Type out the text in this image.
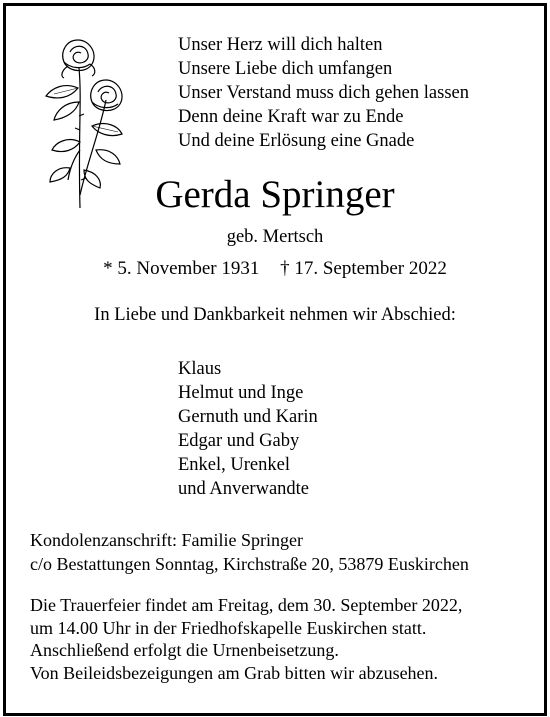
Unser Herz will dich halten
Unsere Liebe dich umfangen
Unser Verstand muss dich gehen lassen
Denn deine Kraft war zu Ende
Und deine Erlösung eine Gnade
Gerda Springer
geb. Mertsch
* 5. November 1931 † 17. September 2022
In Liebe und Dankbarkeit nehmen wir Abschied:
Klaus
Helmut und Inge
Gernuth und Karin
Edgar und Gaby
Enkel, Urenkel
und Anverwandte
Kondolenzanschrift: Familie Springer
c/o Bestattungen Sonntag, Kirchstraße 20, 53879 Euskirchen
Die Trauerfeier findet am Freitag, dem 30. September 2022,
um 14.00 Uhr in der Friedhofskapelle Euskirchen statt.
Anschließend erfolgt die Urnenbeisetzung.
Von Beileidsbezeigungen am Grab bitten wir abzusehen.
